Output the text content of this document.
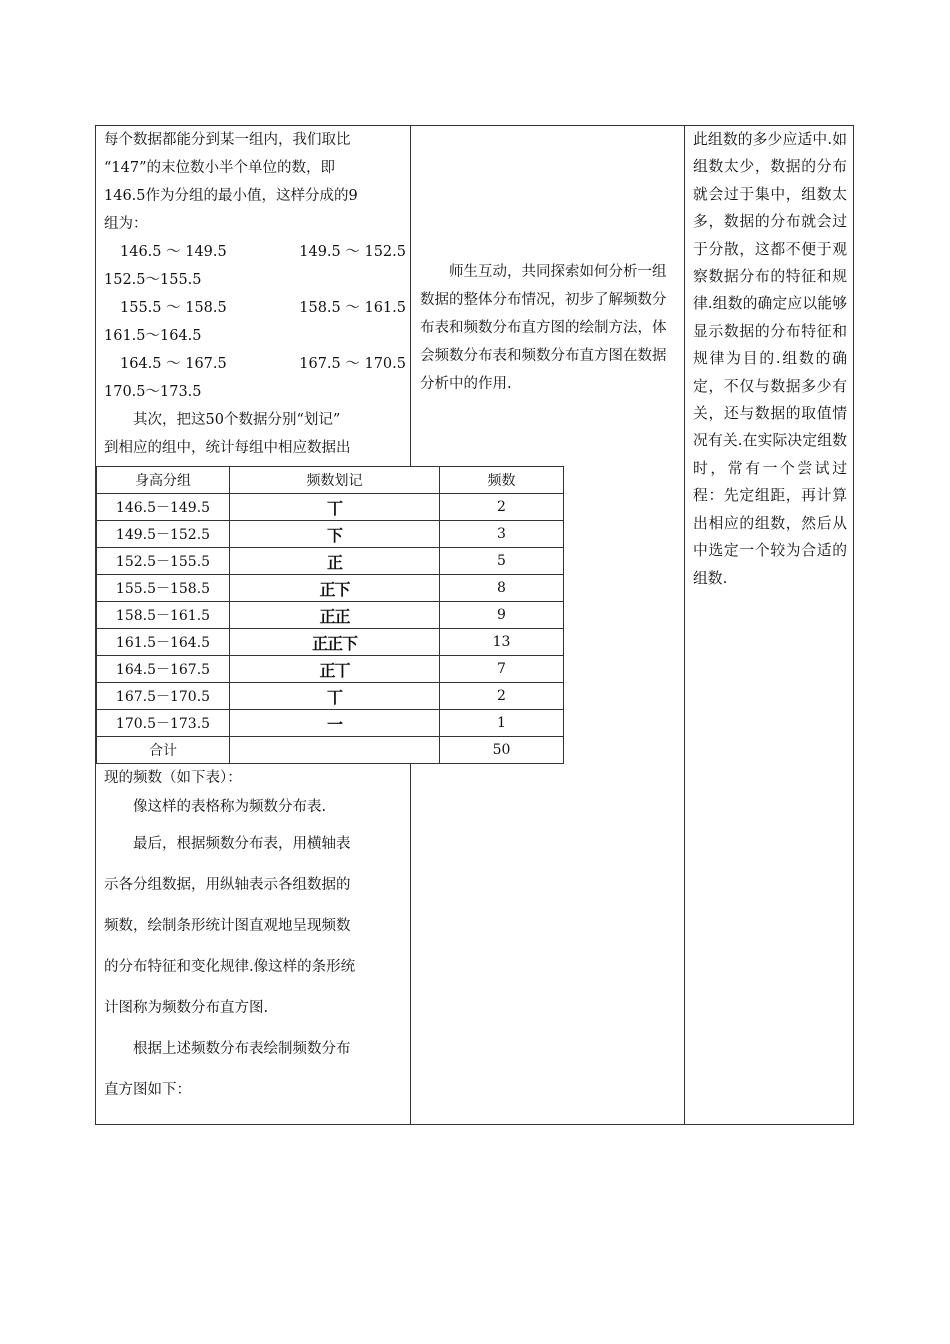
每个数据都能分到某一组内，我们取比

“147”的末位数小半个单位的数，即

146.5作为分组的最小值，这样分成的9

组为：

146.5 ～ 149.5	149.5 ～ 152.5

152.5～155.5

155.5 ～ 158.5	158.5 ～ 161.5

161.5～164.5

164.5 ～ 167.5	167.5 ～ 170.5

170.5～173.5

其次，把这50个数据分别“划记”

到相应的组中，统计每组中相应数据出

师生互动，共同探索如何分析一组数据的整体分布情况，初步了解频数分布表和频数分布直方图的绘制方法，体会频数分布表和频数分布直方图在数据分析中的作用.
此组数的多少应适中.如组数太少，数据的分布就会过于集中，组数太多，数据的分布就会过于分散，这都不便于观察数据分布的特征和规律.组数的确定应以能够显示数据的分布特征和规律为目的.组数的确定，不仅与数据多少有关，还与数据的取值情况有关.在实际决定组数时，常有一个尝试过程：先定组距，再计算出相应的组数，然后从中选定一个较为合适的组数.
身高分组	频数划记	频数
146.5－149.5	丅	2
149.5－152.5	下	3
152.5－155.5	正	5
155.5－158.5	正下	8
158.5－161.5	正正	9
161.5－164.5	正正下	13
164.5－167.5	正丅	7
167.5－170.5	丅	2
170.5－173.5	一	1
合计		50

现的频数（如下表）：

像这样的表格称为频数分布表.

最后，根据频数分布表，用横轴表

示各分组数据，用纵轴表示各组数据的

频数，绘制条形统计图直观地呈现频数

的分布特征和变化规律.像这样的条形统

计图称为频数分布直方图.

根据上述频数分布表绘制频数分布

直方图如下：
